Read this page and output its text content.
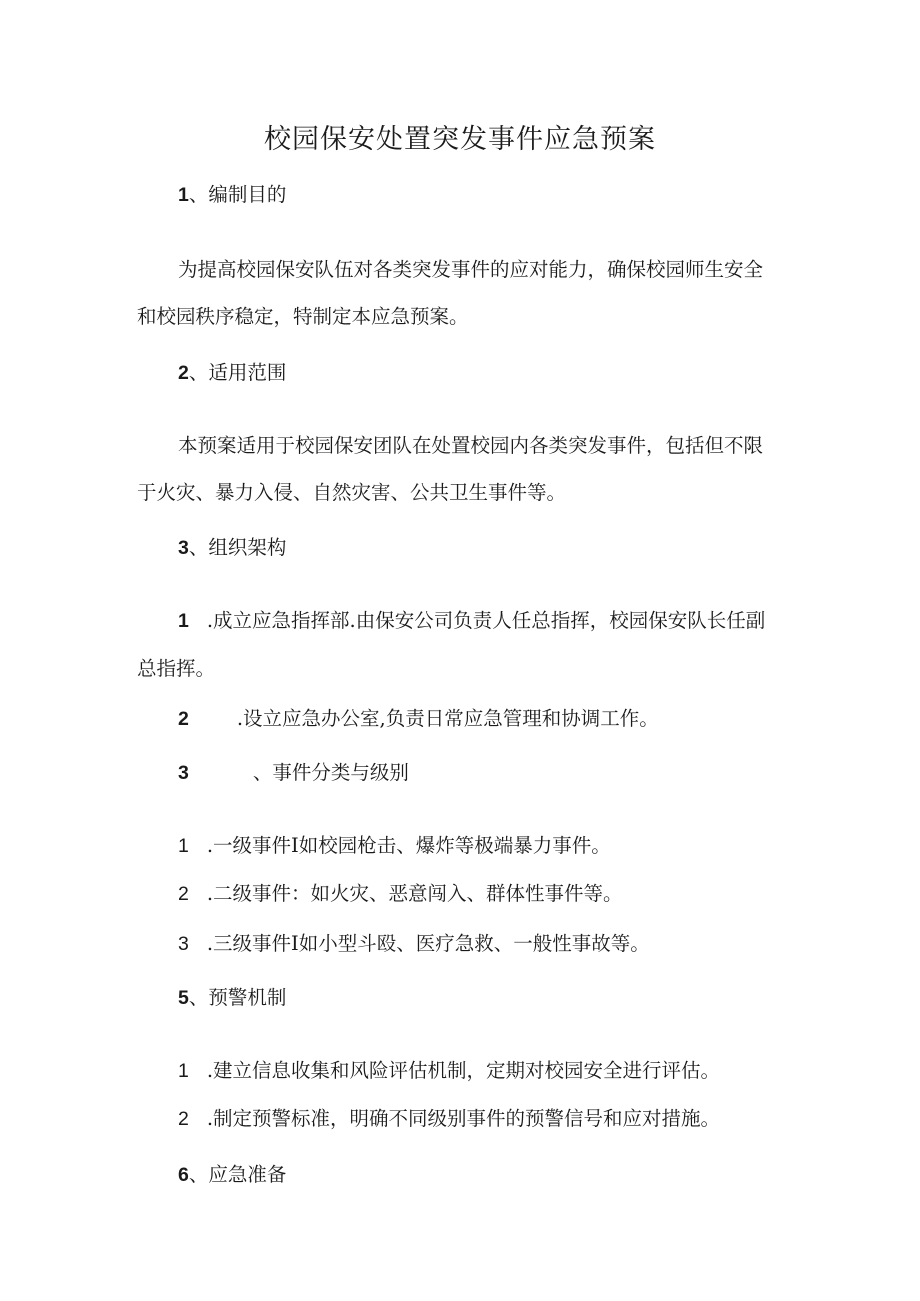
校园保安处置突发事件应急预案

1、编制目的

为提高校园保安队伍对各类突发事件的应对能力，确保校园师生安全

和校园秩序稳定，特制定本应急预案。

2、适用范围

本预案适用于校园保安团队在处置校园内各类突发事件，包括但不限

于火灾、暴力入侵、自然灾害、公共卫生事件等。

3、组织架构

1 .成立应急指挥部.由保安公司负责人任总指挥，校园保安队长任副

总指挥。

2 .设立应急办公室,负责日常应急管理和协调工作。

3	、事件分类与级别

1 .一级事件I如校园枪击、爆炸等极端暴力事件。

2 .二级事件：如火灾、恶意闯入、群体性事件等。

3 .三级事件I如小型斗殴、医疗急救、一般性事故等。

5、预警机制

1 .建立信息收集和风险评估机制，定期对校园安全进行评估。

2 .制定预警标准，明确不同级别事件的预警信号和应对措施。

6、应急准备
